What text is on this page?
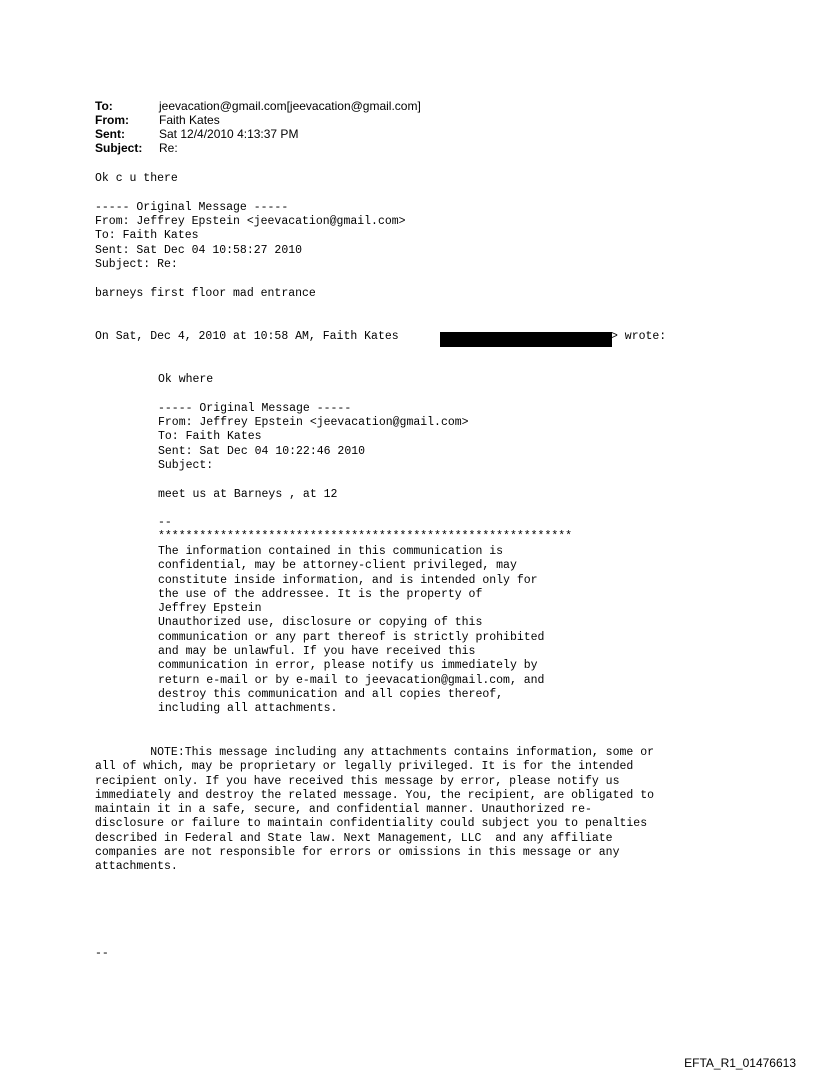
To:	jeevacation@gmail.com[jeevacation@gmail.com]
From:	Faith Kates
Sent:	Sat 12/4/2010 4:13:37 PM
Subject:	Re:
Ok c u there
----- Original Message -----
From: Jeffrey Epstein <jeevacation@gmail.com>
To: Faith Kates
Sent: Sat Dec 04 10:58:27 2010
Subject: Re:
barneys first floor mad entrance
On Sat, Dec 4, 2010 at 10:58 AM, Faith Kates	> wrote:
Ok where
----- Original Message -----
From: Jeffrey Epstein <jeevacation@gmail.com>
To: Faith Kates
Sent: Sat Dec 04 10:22:46 2010
Subject:
meet us at Barneys , at 12
--
************************************************************
The information contained in this communication is
confidential, may be attorney-client privileged, may
constitute inside information, and is intended only for
the use of the addressee. It is the property of
Jeffrey Epstein
Unauthorized use, disclosure or copying of this
communication or any part thereof is strictly prohibited
and may be unlawful. If you have received this
communication in error, please notify us immediately by
return e-mail or by e-mail to jeevacation@gmail.com, and
destroy this communication and all copies thereof,
including all attachments.
NOTE:This message including any attachments contains information, some or
all of which, may be proprietary or legally privileged. It is for the intended
recipient only. If you have received this message by error, please notify us
immediately and destroy the related message. You, the recipient, are obligated to
maintain it in a safe, secure, and confidential manner. Unauthorized re-
disclosure or failure to maintain confidentiality could subject you to penalties
described in Federal and State law. Next Management, LLC  and any affiliate
companies are not responsible for errors or omissions in this message or any
attachments.
--
EFTA_R1_01476613
